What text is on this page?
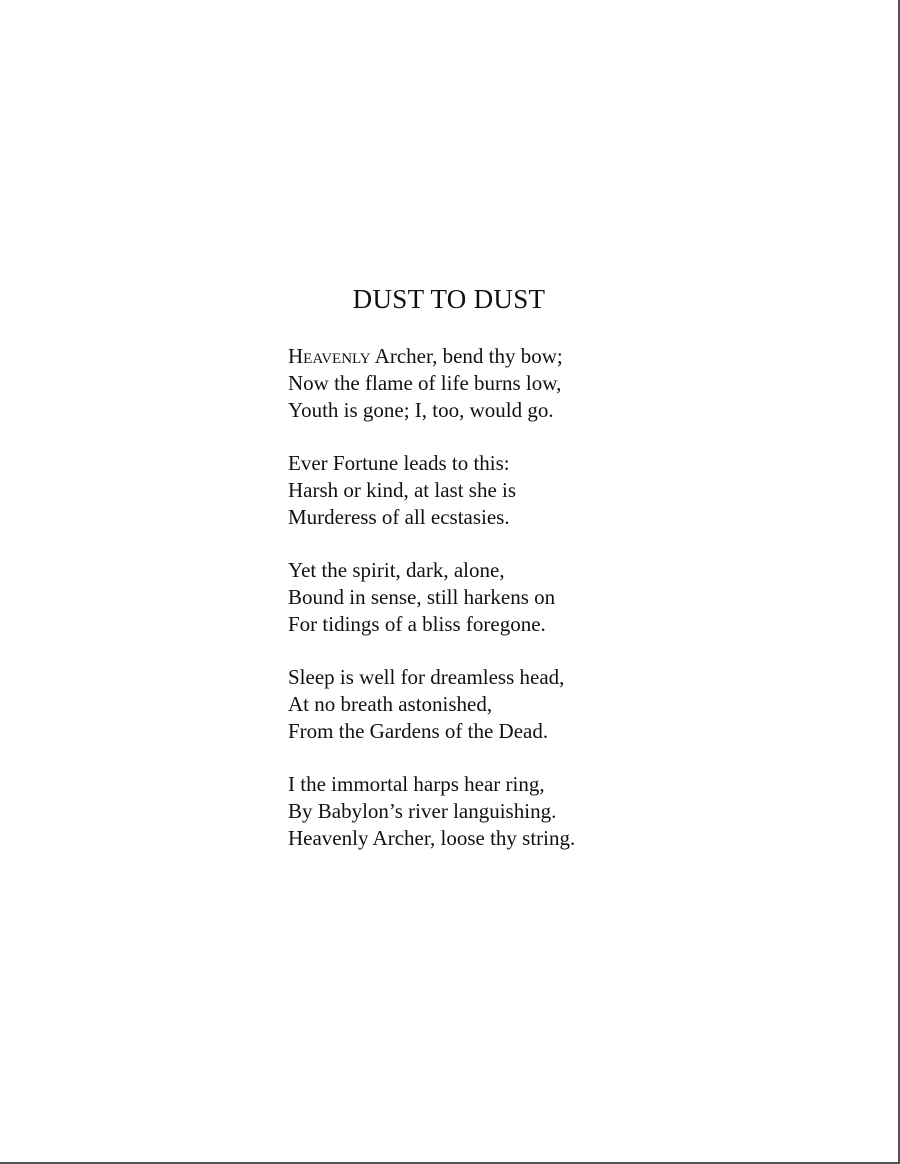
DUST TO DUST
Heavenly Archer, bend thy bow;
Now the flame of life burns low,
Youth is gone; I, too, would go.
Ever Fortune leads to this:
Harsh or kind, at last she is
Murderess of all ecstasies.
Yet the spirit, dark, alone,
Bound in sense, still harkens on
For tidings of a bliss foregone.
Sleep is well for dreamless head,
At no breath astonished,
From the Gardens of the Dead.
I the immortal harps hear ring,
By Babylon’s river languishing.
Heavenly Archer, loose thy string.
